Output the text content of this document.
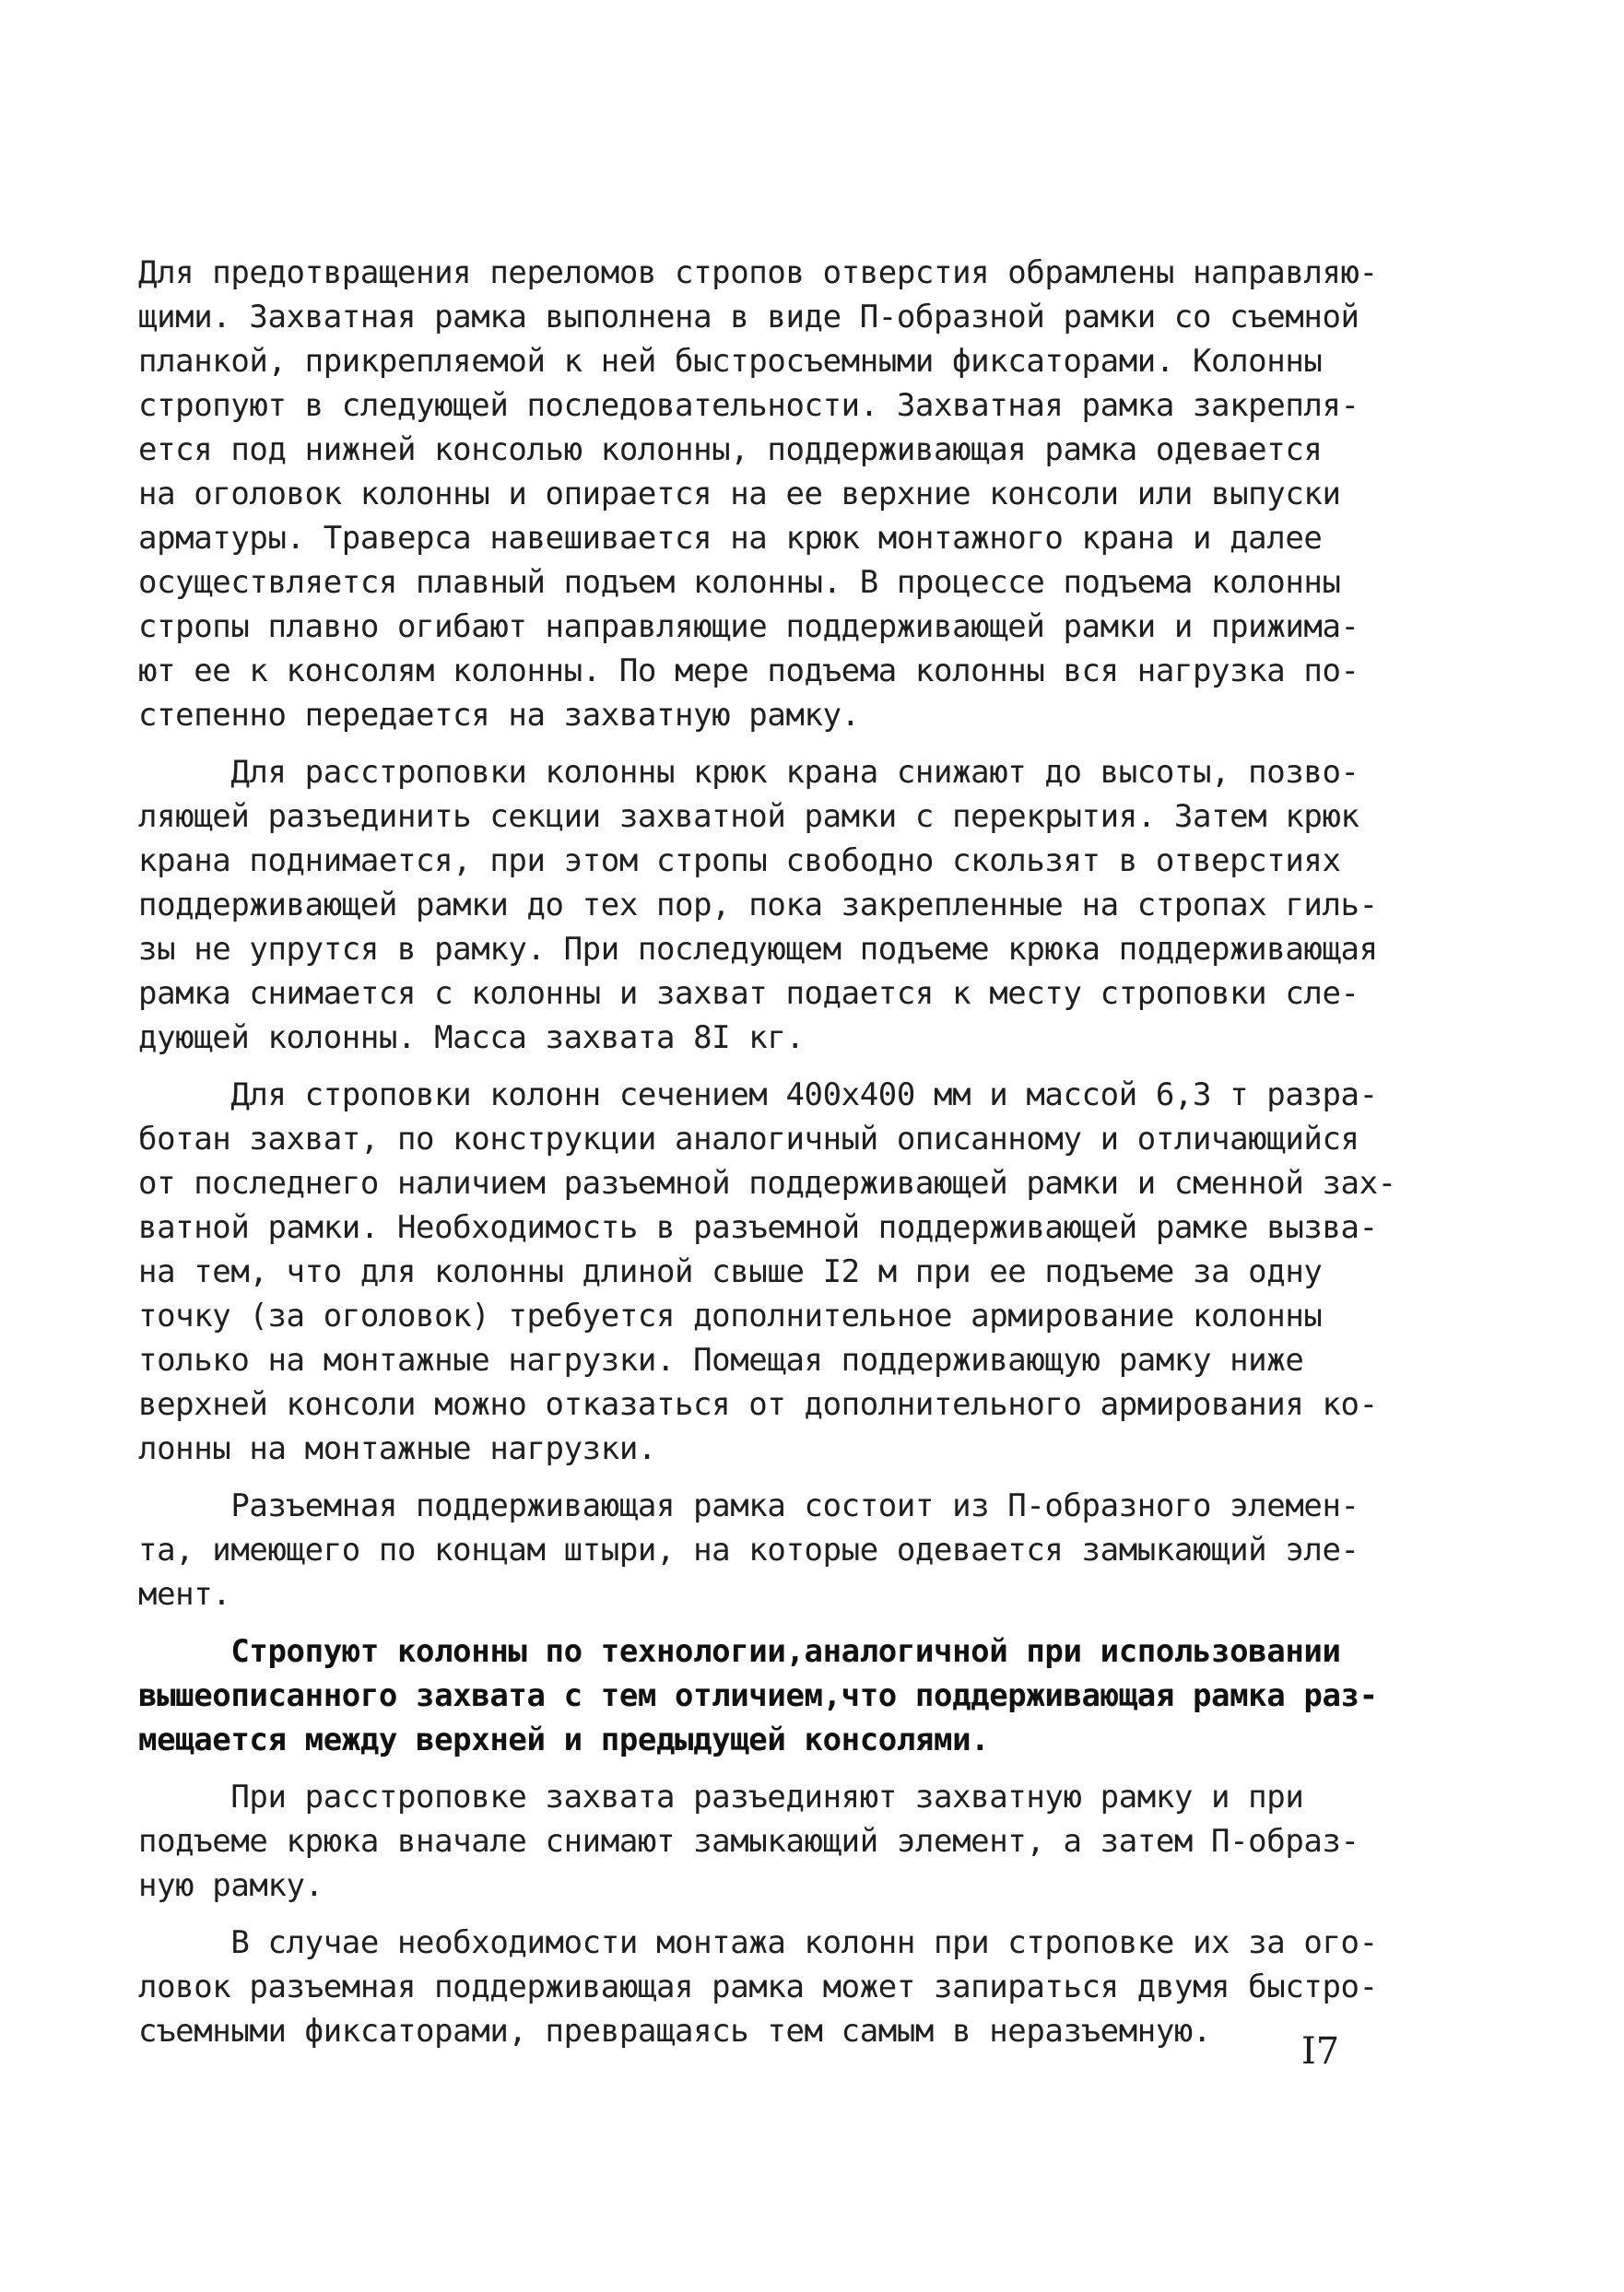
Для предотвращения переломов стропов отверстия обрамлены направляю-
щими. Захватная рамка выполнена в виде П-образной рамки со съемной
планкой, прикрепляемой к ней быстросъемными фиксаторами. Колонны
стропуют в следующей последовательности. Захватная рамка закрепля-
ется под нижней консолью колонны, поддерживающая рамка одевается
на оголовок колонны и опирается на ее верхние консоли или выпуски
арматуры. Траверса навешивается на крюк монтажного крана и далее
осуществляется плавный подъем колонны. В процессе подъема колонны
стропы плавно огибают направляющие поддерживающей рамки и прижима-
ют ее к консолям колонны. По мере подъема колонны вся нагрузка по-
степенно передается на захватную рамку.
Для расстроповки колонны крюк крана снижают до высоты, позво-
ляющей разъединить секции захватной рамки с перекрытия. Затем крюк
крана поднимается, при этом стропы свободно скользят в отверстиях
поддерживающей рамки до тех пор, пока закрепленные на стропах гиль-
зы не упрутся в рамку. При последующем подъеме крюка поддерживающая
рамка снимается с колонны и захват подается к месту строповки сле-
дующей колонны. Масса захвата 8I кг.
Для строповки колонн сечением 400х400 мм и массой 6,3 т разра-
ботан захват, по конструкции аналогичный описанному и отличающийся
от последнего наличием разъемной поддерживающей рамки и сменной зах-
ватной рамки. Необходимость в разъемной поддерживающей рамке вызва-
на тем, что для колонны длиной свыше I2 м при ее подъеме за одну
точку (за оголовок) требуется дополнительное армирование колонны
только на монтажные нагрузки. Помещая поддерживающую рамку ниже
верхней консоли можно отказаться от дополнительного армирования ко-
лонны на монтажные нагрузки.
Разъемная поддерживающая рамка состоит из П-образного элемен-
та, имеющего по концам штыри, на которые одевается замыкающий эле-
мент.
Стропуют колонны по технологии,аналогичной при использовании
вышеописанного захвата с тем отличием,что поддерживающая рамка раз-
мещается между верхней и предыдущей консолями.
При расстроповке захвата разъединяют захватную рамку и при
подъеме крюка вначале снимают замыкающий элемент, а затем П-образ-
ную рамку.
В случае необходимости монтажа колонн при строповке их за ого-
ловок разъемная поддерживающая рамка может запираться двумя быстро-
съемными фиксаторами, превращаясь тем самым в неразъемную.	I7
